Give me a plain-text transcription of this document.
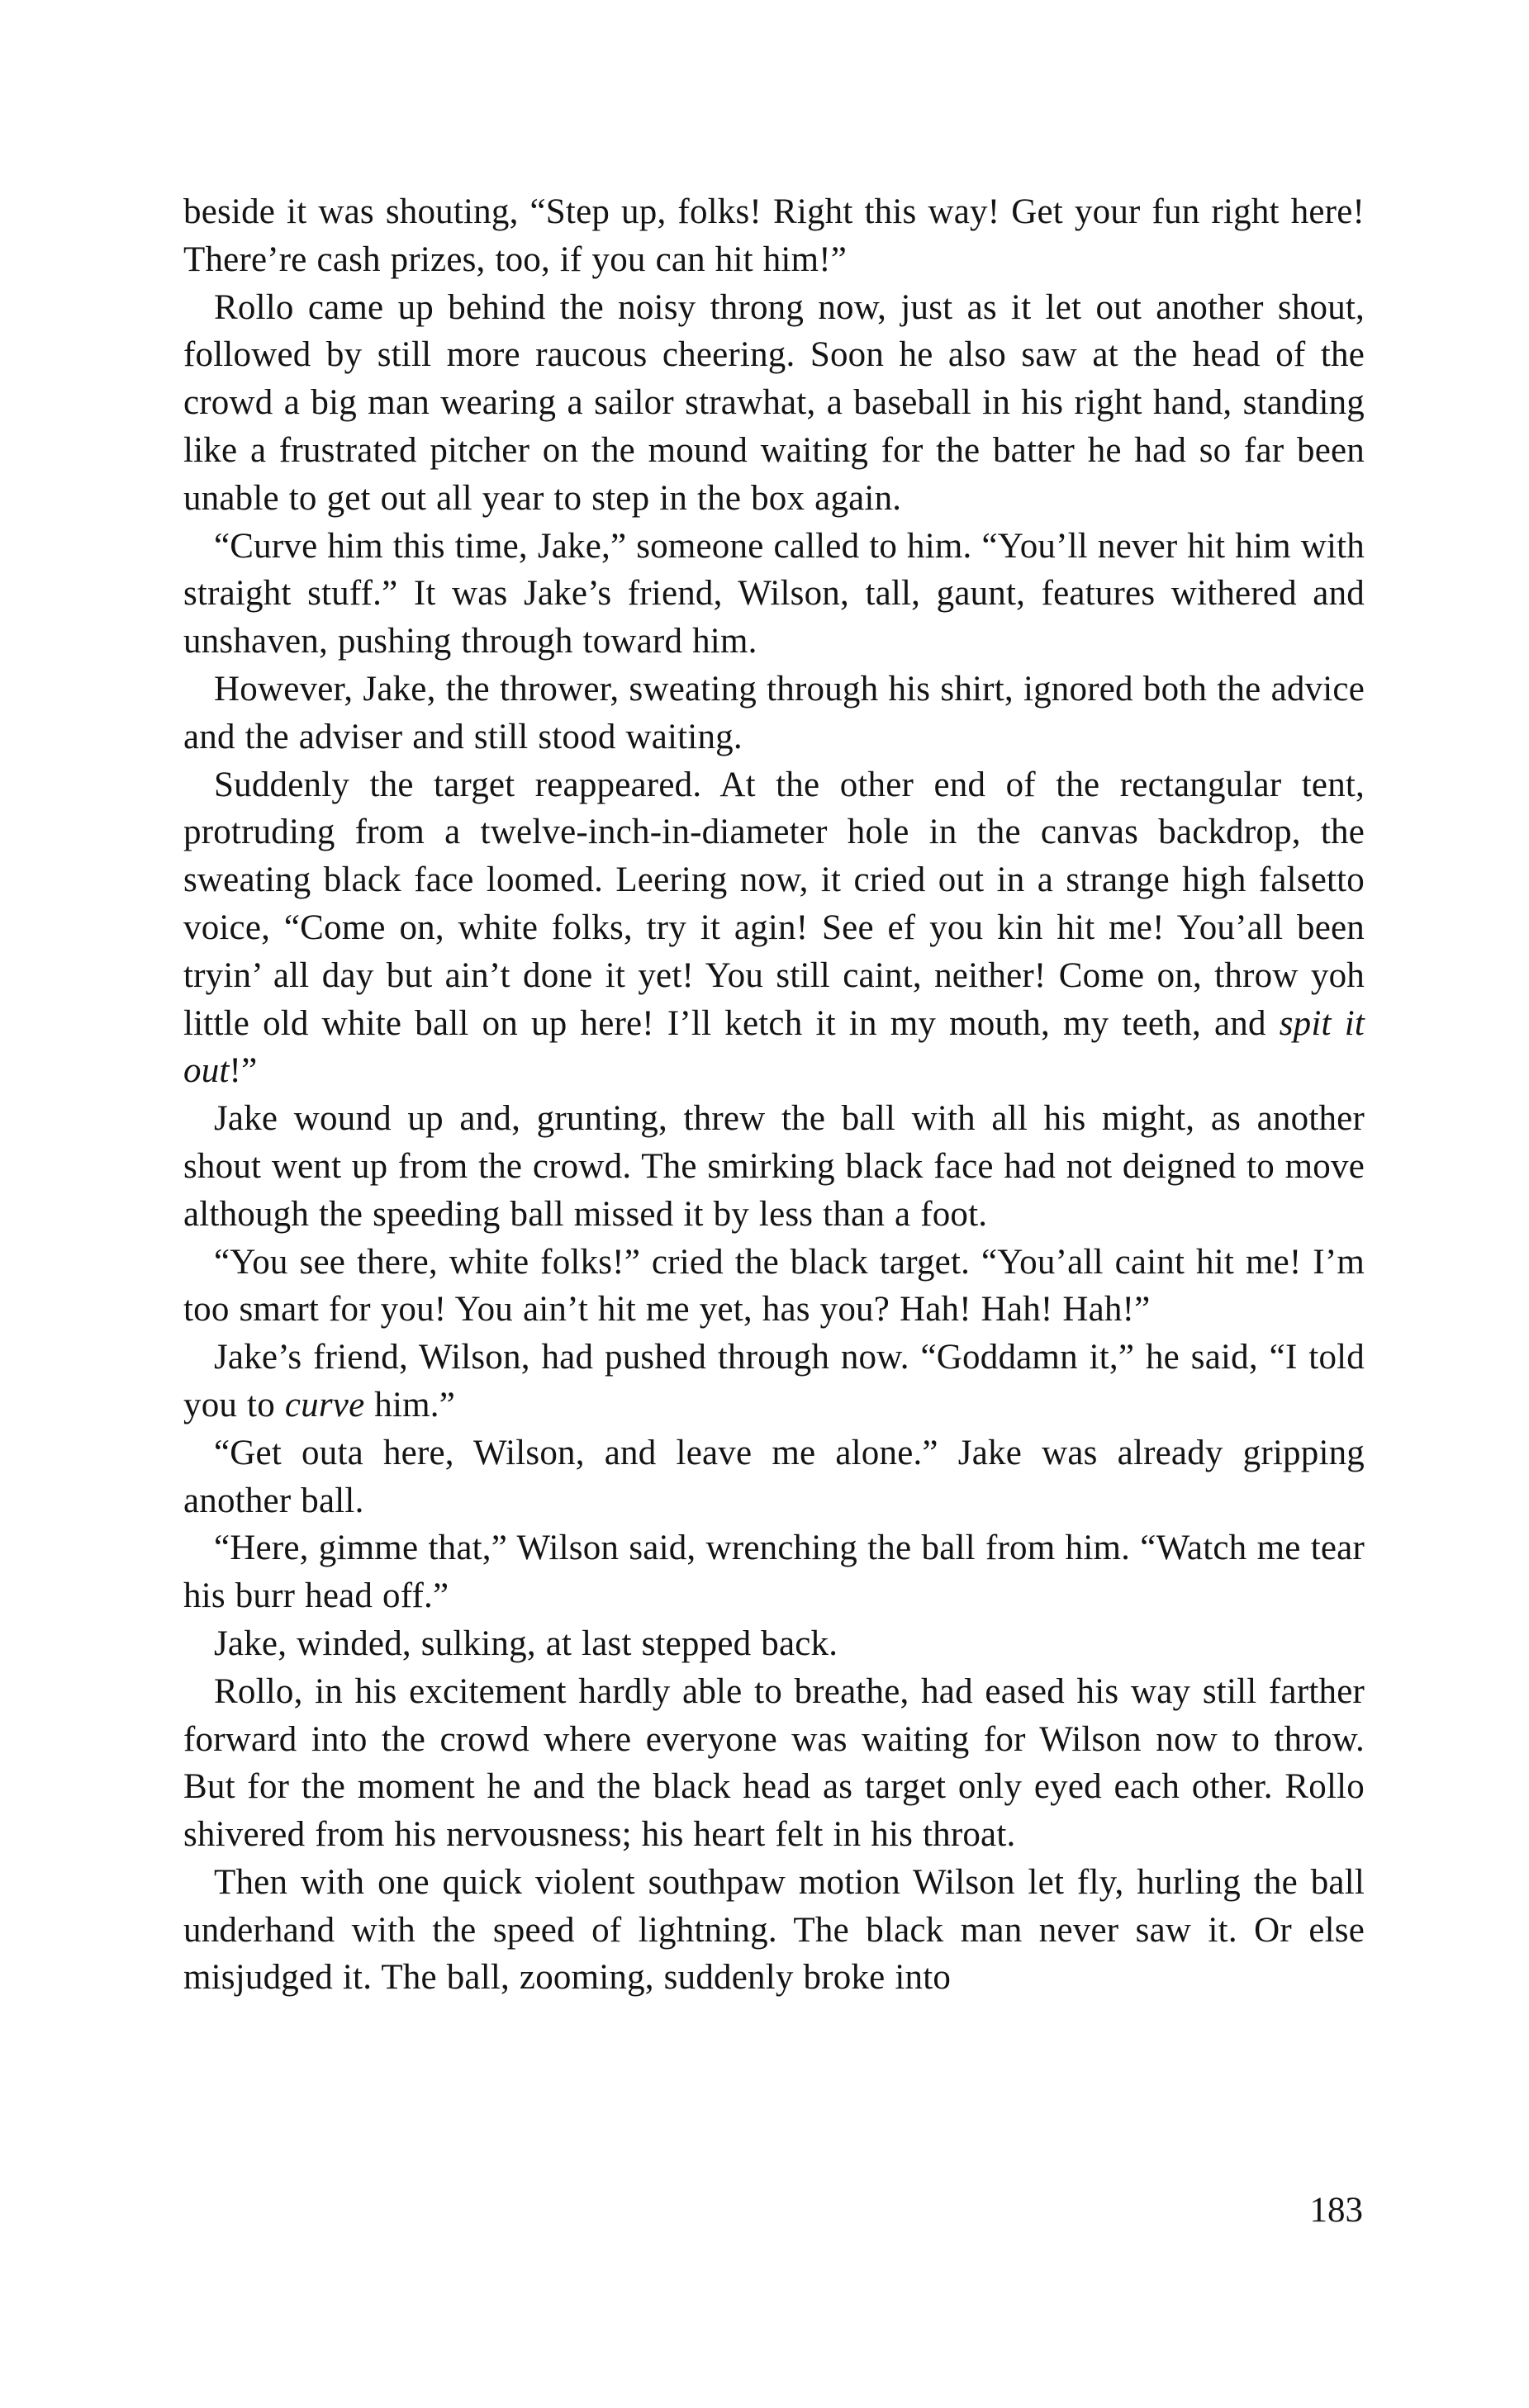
beside it was shouting, “Step up, folks! Right this way! Get your fun right here! There’re cash prizes, too, if you can hit him!”

Rollo came up behind the noisy throng now, just as it let out another shout, followed by still more raucous cheering. Soon he also saw at the head of the crowd a big man wearing a sailor strawhat, a baseball in his right hand, standing like a frustrated pitcher on the mound waiting for the batter he had so far been unable to get out all year to step in the box again.

“Curve him this time, Jake,” someone called to him. “You’ll never hit him with straight stuff.” It was Jake’s friend, Wilson, tall, gaunt, features withered and unshaven, pushing through toward him.

However, Jake, the thrower, sweating through his shirt, ignored both the advice and the adviser and still stood waiting.

Suddenly the target reappeared. At the other end of the rectangular tent, protruding from a twelve-inch-in-diameter hole in the canvas backdrop, the sweating black face loomed. Leering now, it cried out in a strange high falsetto voice, “Come on, white folks, try it agin! See ef you kin hit me! You’all been tryin’ all day but ain’t done it yet! You still caint, neither! Come on, throw yoh little old white ball on up here! I’ll ketch it in my mouth, my teeth, and spit it out!”

Jake wound up and, grunting, threw the ball with all his might, as another shout went up from the crowd. The smirking black face had not deigned to move although the speeding ball missed it by less than a foot.

“You see there, white folks!” cried the black target. “You’all caint hit me! I’m too smart for you! You ain’t hit me yet, has you? Hah! Hah! Hah!”

Jake’s friend, Wilson, had pushed through now. “Goddamn it,” he said, “I told you to curve him.”

“Get outa here, Wilson, and leave me alone.” Jake was already gripping another ball.

“Here, gimme that,” Wilson said, wrenching the ball from him. “Watch me tear his burr head off.”

Jake, winded, sulking, at last stepped back.

Rollo, in his excitement hardly able to breathe, had eased his way still farther forward into the crowd where everyone was waiting for Wilson now to throw. But for the moment he and the black head as target only eyed each other. Rollo shivered from his nervousness; his heart felt in his throat.

Then with one quick violent southpaw motion Wilson let fly, hurling the ball underhand with the speed of lightning. The black man never saw it. Or else misjudged it. The ball, zooming, suddenly broke into

183
